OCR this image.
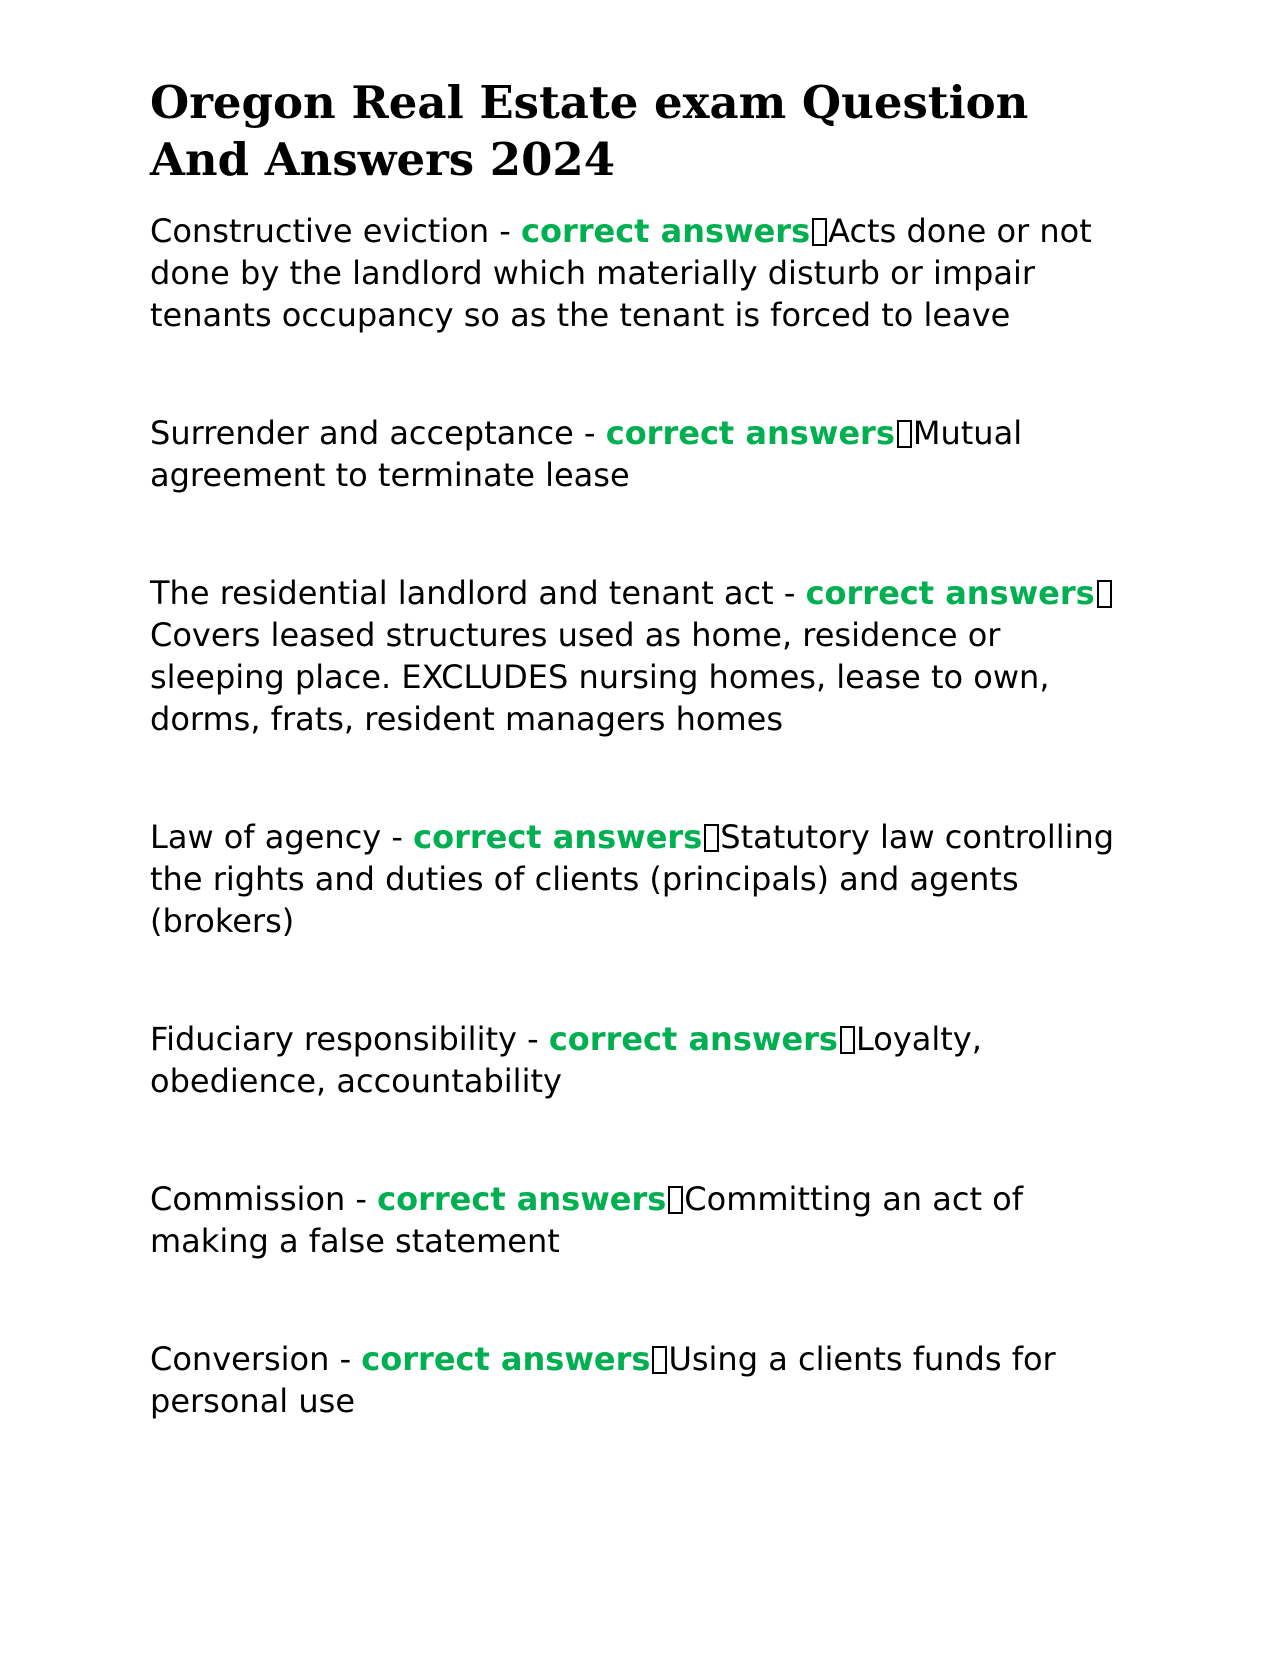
Oregon Real Estate exam Question And Answers 2024

Constructive eviction - correct answers Acts done or not done by the landlord which materially disturb or impair tenants occupancy so as the tenant is forced to leave

Surrender and acceptance - correct answers Mutual agreement to terminate lease

The residential landlord and tenant act - correct answersCovers leased structures used as home, residence or sleeping place. EXCLUDES nursing homes, lease to own, dorms, frats, resident managers homes

Law of agency - correct answers Statutory law controlling the rights and duties of clients (principals) and agents (brokers)

Fiduciary responsibility - correct answers Loyalty, obedience, accountability

Commission - correct answers Committing an act of making a false statement

Conversion - correct answers Using a clients funds for personal use
